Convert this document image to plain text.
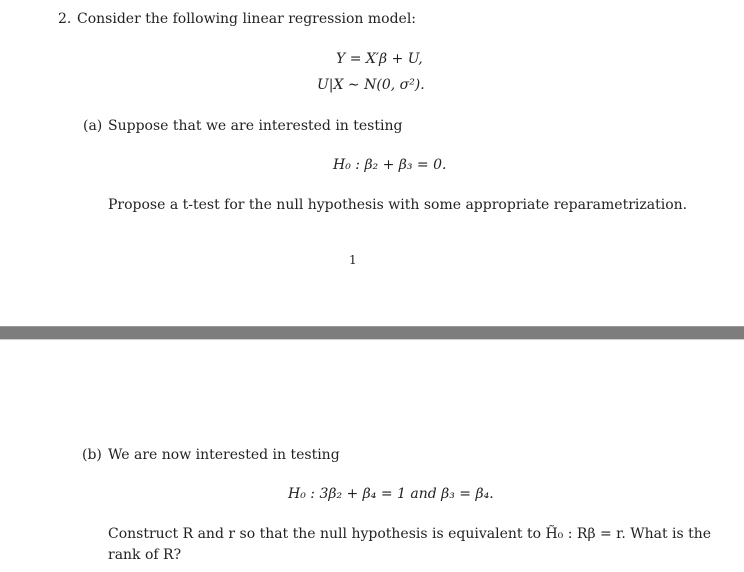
2. Consider the following linear regression model:
Y = X′β + U,
U|X ∼ N(0, σ²).
(a) Suppose that we are interested in testing
H₀ : β₂ + β₃ = 0.
Propose a t-test for the null hypothesis with some appropriate reparametrization.
1
(b) We are now interested in testing
H₀ : 3β₂ + β₄ = 1 and β₃ = β₄.
Construct R and r so that the null hypothesis is equivalent to H̃₀ : Rβ = r. What is the
rank of R?
